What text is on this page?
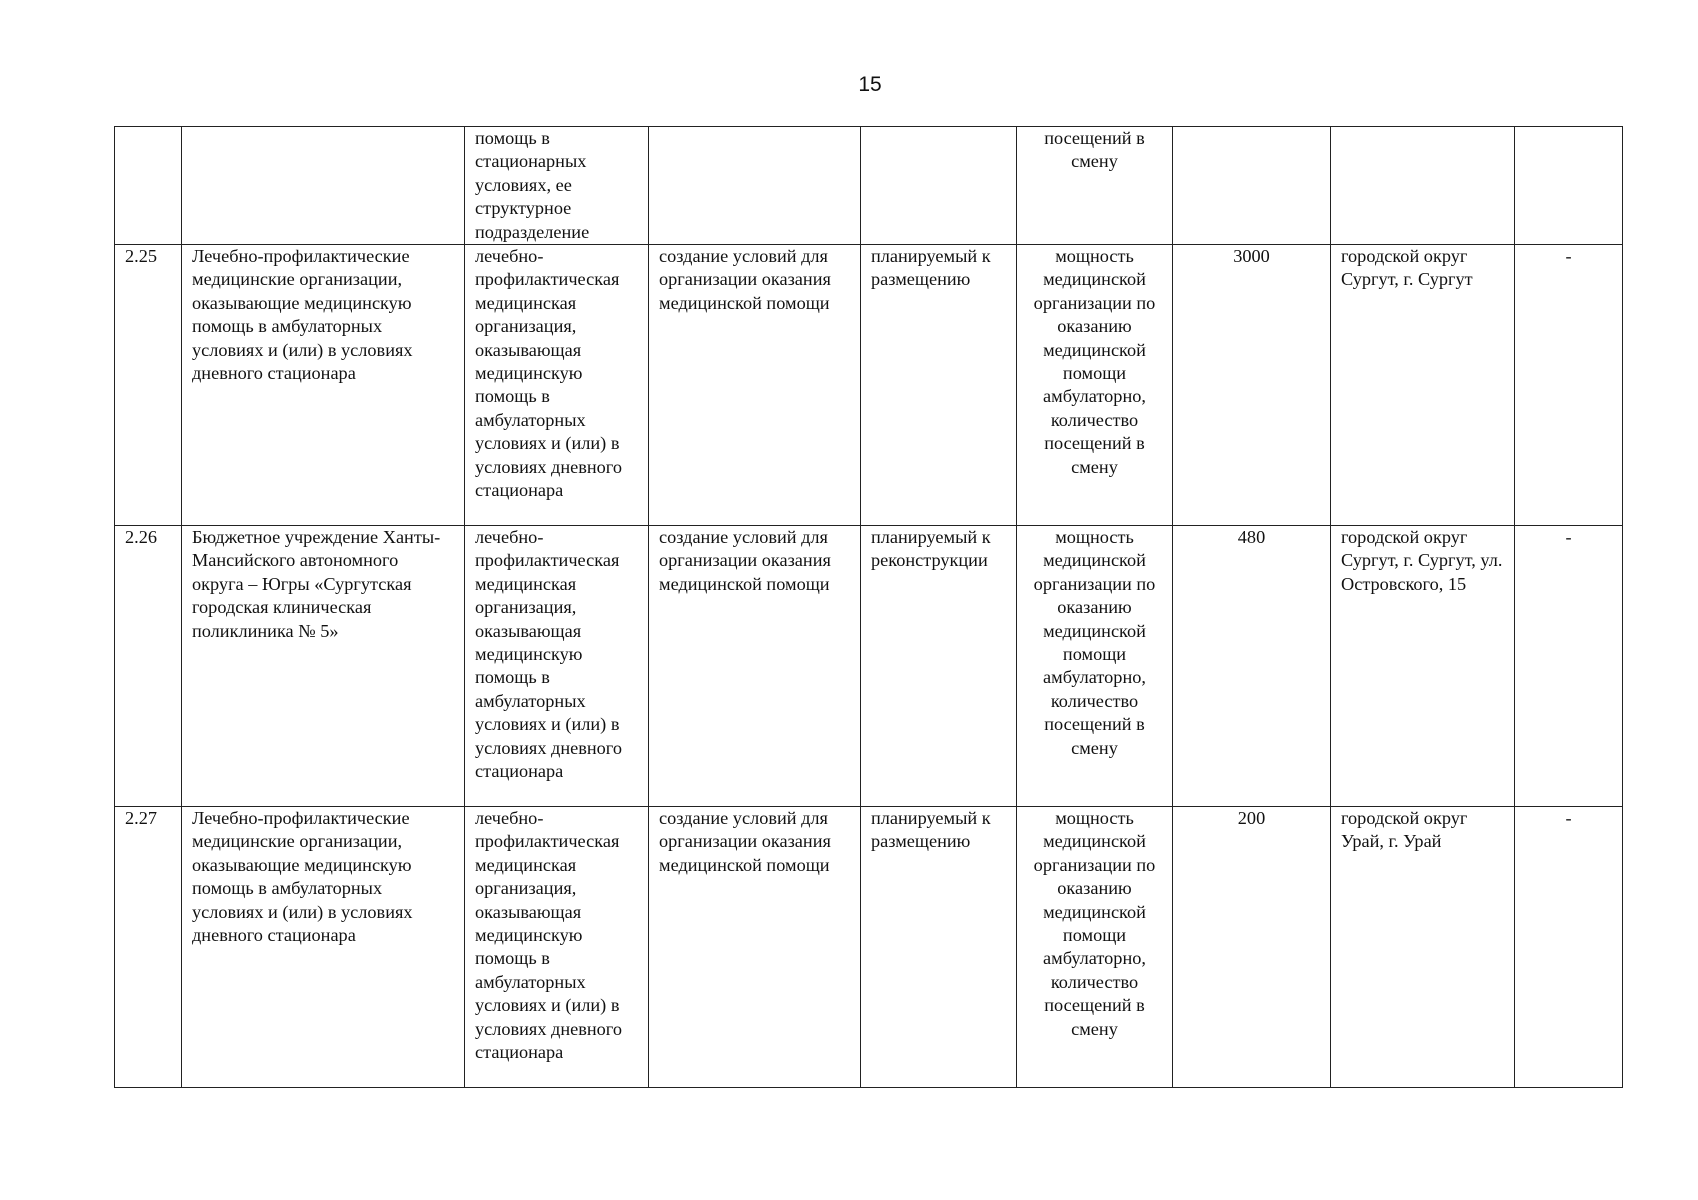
15
		помощь в стационарных условиях, ее структурное подразделение			посещений в смену			
2.25	Лечебно-профилактические медицинские организации, оказывающие медицинскую помощь в амбулаторных условиях и (или) в условиях дневного стационара	лечебно-профилактическая медицинская организация, оказывающая медицинскую помощь в амбулаторных условиях и (или) в условиях дневного стационара	создание условий для организации оказания медицинской помощи	планируемый к размещению	мощность медицинской организации по оказанию медицинской помощи амбулаторно, количество посещений в смену	3000	городской округ Сургут, г. Сургут	-
2.26	Бюджетное учреждение Ханты-Мансийского автономного округа – Югры «Сургутская городская клиническая поликлиника № 5»	лечебно-профилактическая медицинская организация, оказывающая медицинскую помощь в амбулаторных условиях и (или) в условиях дневного стационара	создание условий для организации оказания медицинской помощи	планируемый к реконструкции	мощность медицинской организации по оказанию медицинской помощи амбулаторно, количество посещений в смену	480	городской округ Сургут, г. Сургут, ул. Островского, 15	-
2.27	Лечебно-профилактические медицинские организации, оказывающие медицинскую помощь в амбулаторных условиях и (или) в условиях дневного стационара	лечебно-профилактическая медицинская организация, оказывающая медицинскую помощь в амбулаторных условиях и (или) в условиях дневного стационара	создание условий для организации оказания медицинской помощи	планируемый к размещению	мощность медицинской организации по оказанию медицинской помощи амбулаторно, количество посещений в смену	200	городской округ Урай, г. Урай	-
